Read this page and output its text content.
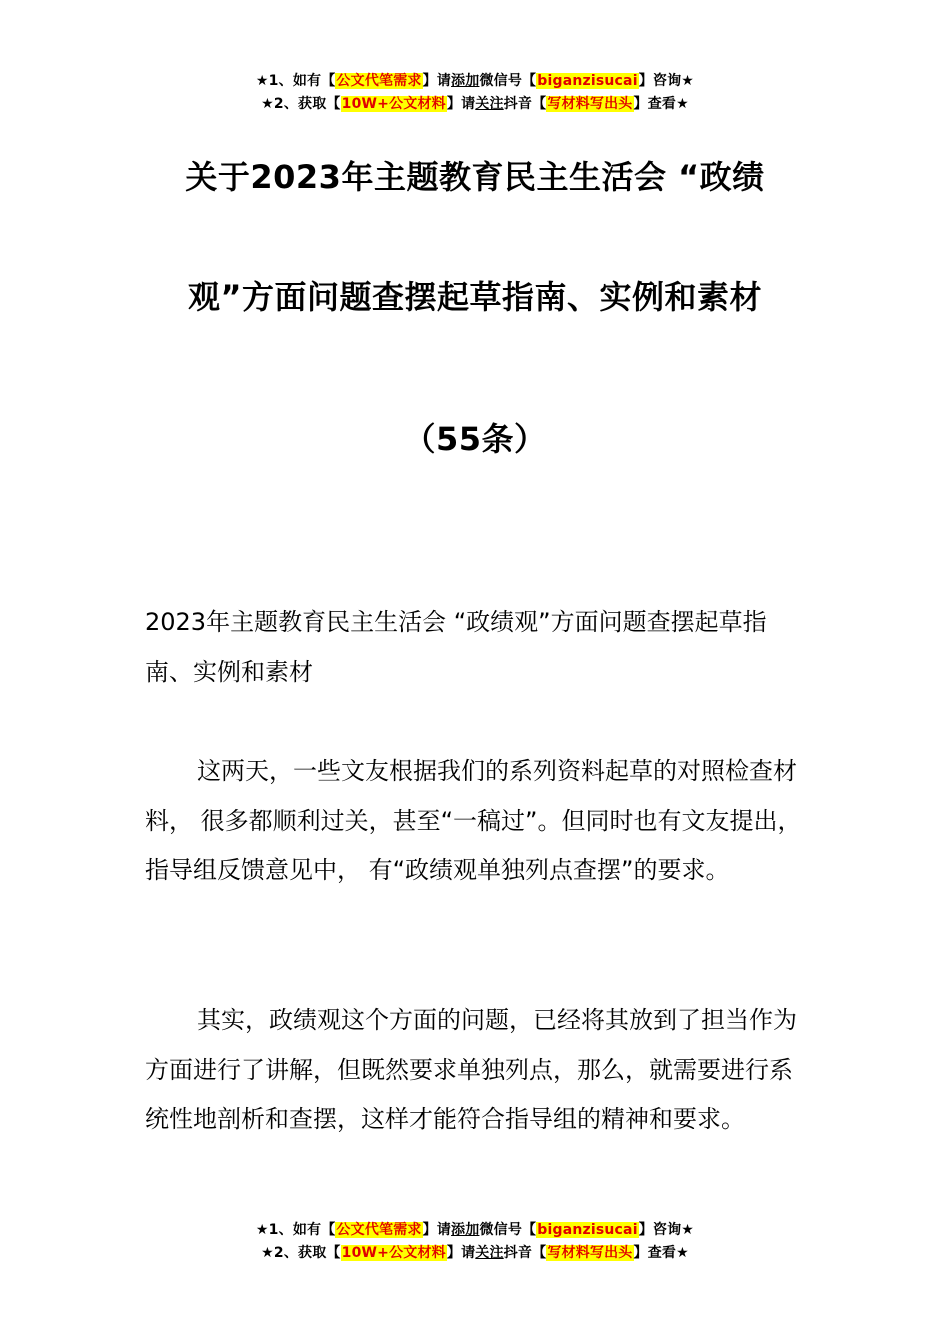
★1、如有【公文代笔需求】请添加微信号【biganzisucai】咨询★
★2、获取【10W+公文材料】请关注抖音【写材料写出头】查看★
关于2023年主题教育民主生活会 “政绩
观”方面问题查摆起草指南、实例和素材
（55条）

2023年主题教育民主生活会 “政绩观”方面问题查摆起草指南、实例和素材

这两天，一些文友根据我们的系列资料起草的对照检查材料， 很多都顺利过关，甚至“一稿过”。但同时也有文友提出，指导组反馈意见中， 有“政绩观单独列点查摆”的要求。

其实，政绩观这个方面的问题，已经将其放到了担当作为方面进行了讲解，但既然要求单独列点，那么，就需要进行系统性地剖析和查摆，这样才能符合指导组的精神和要求。

★1、如有【公文代笔需求】请添加微信号【biganzisucai】咨询★
★2、获取【10W+公文材料】请关注抖音【写材料写出头】查看★
